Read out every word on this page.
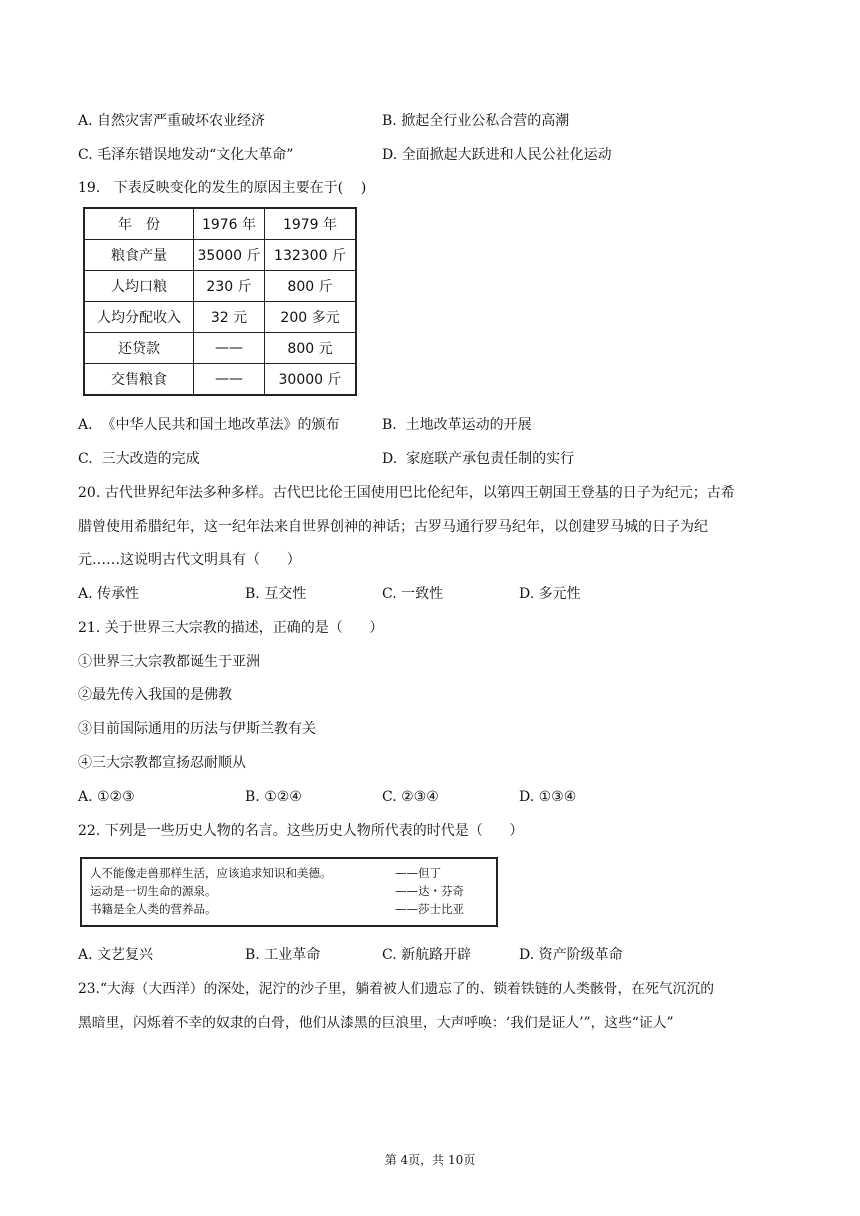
A. 自然灾害严重破坏农业经济	B. 掀起全行业公私合营的高潮
C. 毛泽东错误地发动“文化大革命”	D. 全面掀起大跃进和人民公社化运动
19.   下表反映变化的发生的原因主要在于(    )
年　份	1976 年	1979 年
粮食产量	35000 斤	132300 斤
人均口粮	230 斤	800 斤
人均分配收入	32 元	200 多元
还贷款	——	800 元
交售粮食	——	30000 斤
A.  《中华人民共和国土地改革法》的颁布	B.  土地改革运动的开展
C.  三大改造的完成	D.  家庭联产承包责任制的实行
20. 古代世界纪年法多种多样。古代巴比伦王国使用巴比伦纪年，以第四王朝国王登基的日子为纪元；古希
腊曾使用希腊纪年，这一纪年法来自世界创神的神话；古罗马通行罗马纪年，以创建罗马城的日子为纪
元……这说明古代文明具有（      ）
A. 传承性	B. 互交性	C. 一致性	D. 多元性
21. 关于世界三大宗教的描述，正确的是（      ）
①世界三大宗教都诞生于亚洲
②最先传入我国的是佛教
③目前国际通用的历法与伊斯兰教有关
④三大宗教都宣扬忍耐顺从
A. ①②③	B. ①②④	C. ②③④	D. ①③④
22. 下列是一些历史人物的名言。这些历史人物所代表的时代是（      ）
人不能像走兽那样生活，应该追求知识和美德。	——但丁
运动是一切生命的源泉。	——达・芬奇
书籍是全人类的营养品。	——莎士比亚
A. 文艺复兴	B. 工业革命	C. 新航路开辟	D. 资产阶级革命
23.“大海（大西洋）的深处，泥泞的沙子里，躺着被人们遗忘了的、锁着铁链的人类骸骨，在死气沉沉的
黑暗里，闪烁着不幸的奴隶的白骨，他们从漆黑的巨浪里，大声呼唤：‘我们是证人’”，这些“证人”
第 4页，共 10页
